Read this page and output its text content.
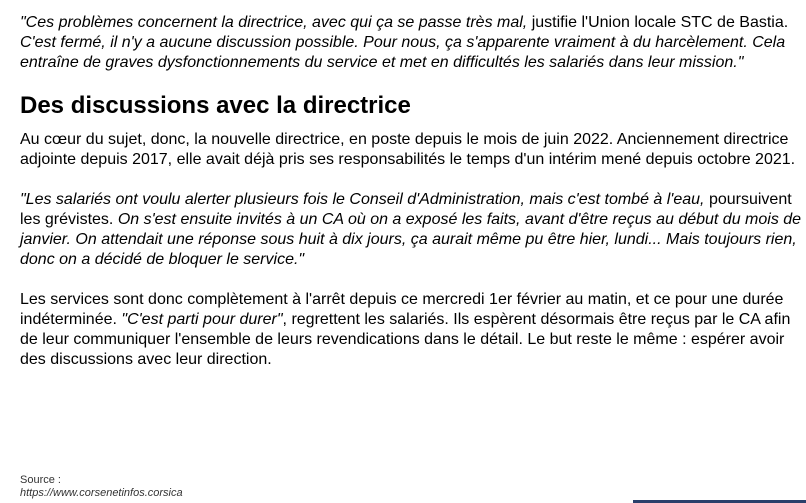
"Ces problèmes concernent la directrice, avec qui ça se passe très mal, justifie l'Union locale STC de Bastia. C'est fermé, il n'y a aucune discussion possible. Pour nous, ça s'apparente vraiment à du harcèlement. Cela entraîne de graves dysfonctionnements du service et met en difficultés les salariés dans leur mission."

Des discussions avec la directrice

Au cœur du sujet, donc, la nouvelle directrice, en poste depuis le mois de juin 2022. Anciennement directrice adjointe depuis 2017, elle avait déjà pris ses responsabilités le temps d'un intérim mené depuis octobre 2021.

"Les salariés ont voulu alerter plusieurs fois le Conseil d'Administration, mais c'est tombé à l'eau, poursuivent les grévistes. On s'est ensuite invités à un CA où on a exposé les faits, avant d'être reçus au début du mois de janvier. On attendait une réponse sous huit à dix jours, ça aurait même pu être hier, lundi... Mais toujours rien, donc on a décidé de bloquer le service."

Les services sont donc complètement à l'arrêt depuis ce mercredi 1er février au matin, et ce pour une durée indéterminée. "C'est parti pour durer", regrettent les salariés. Ils espèrent désormais être reçus par le CA afin de leur communiquer l'ensemble de leurs revendications dans le détail. Le but reste le même : espérer avoir des discussions avec leur direction.

Source :
https://www.corsenetinfos.corsica
